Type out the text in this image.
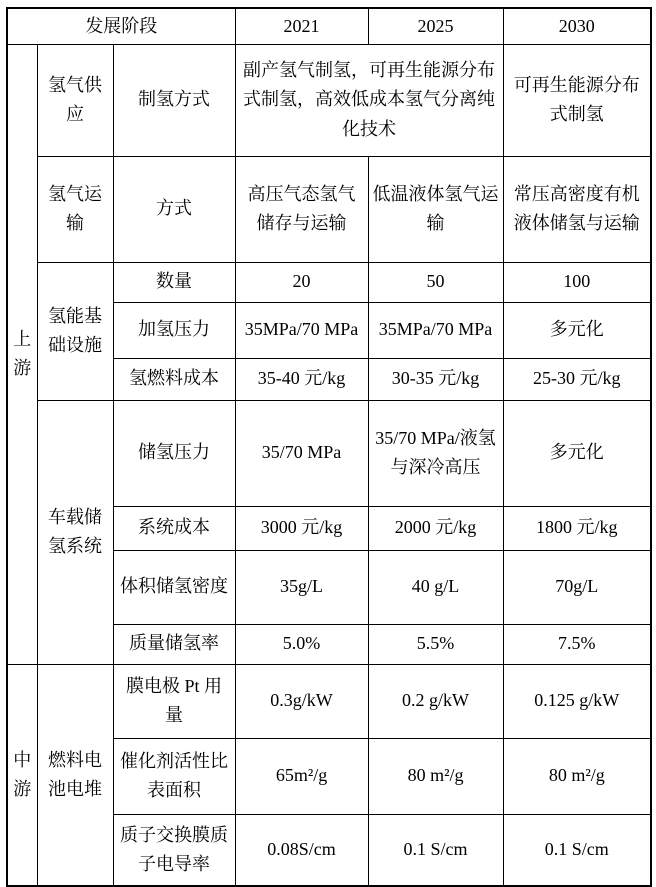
发展阶段			2021	2025	2030
上游	氢气供应	制氢方式	副产氢气制氢，可再生能源分布式制氢，高效低成本氢气分离纯化技术		可再生能源分布式制氢
	氢气运输	方式	高压气态氢气储存与运输	低温液体氢气运输	常压高密度有机液体储氢与运输
	氢能基础设施	数量	20	50	100
		加氢压力	35MPa/70 MPa	35MPa/70 MPa	多元化
		氢燃料成本	35-40 元/kg	30-35 元/kg	25-30 元/kg
	车载储氢系统	储氢压力	35/70 MPa	35/70 MPa/液氢与深冷高压	多元化
		系统成本	3000 元/kg	2000 元/kg	1800 元/kg
		体积储氢密度	35g/L	40 g/L	70g/L
		质量储氢率	5.0%	5.5%	7.5%
中游	燃料电池电堆	膜电极 Pt 用量	0.3g/kW	0.2 g/kW	0.125 g/kW
		催化剂活性比表面积	65m²/g	80 m²/g	80 m²/g
		质子交换膜质子电导率	0.08S/cm	0.1 S/cm	0.1 S/cm
